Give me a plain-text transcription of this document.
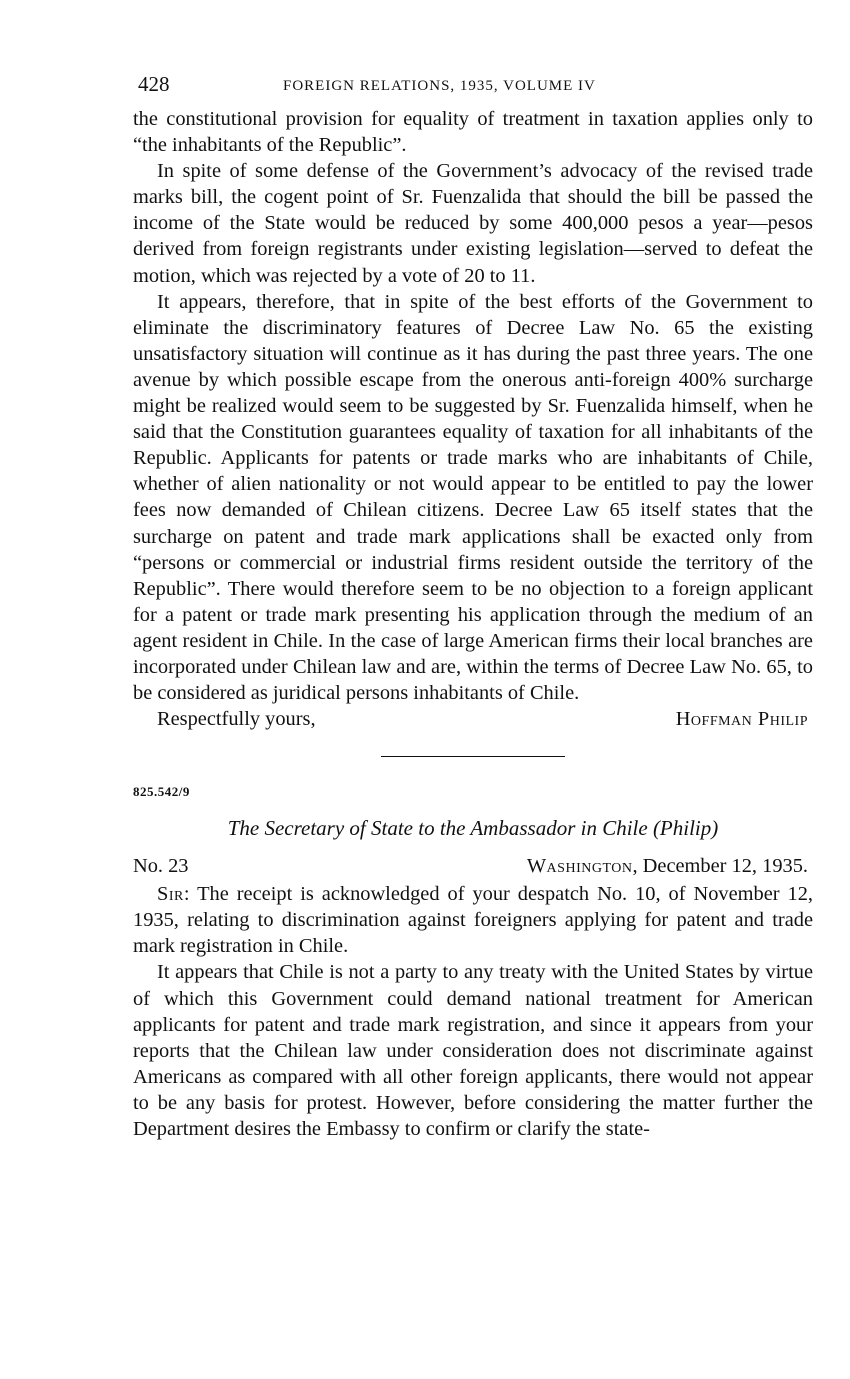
428	FOREIGN RELATIONS, 1935, VOLUME IV

the constitutional provision for equality of treatment in taxation applies only to “the inhabitants of the Republic”.

In spite of some defense of the Government’s advocacy of the revised trade marks bill, the cogent point of Sr. Fuenzalida that should the bill be passed the income of the State would be reduced by some 400,000 pesos a year—pesos derived from foreign registrants under existing legislation—served to defeat the motion, which was rejected by a vote of 20 to 11.

It appears, therefore, that in spite of the best efforts of the Government to eliminate the discriminatory features of Decree Law No. 65 the existing unsatisfactory situation will continue as it has during the past three years. The one avenue by which possible escape from the onerous anti-foreign 400% surcharge might be realized would seem to be suggested by Sr. Fuenzalida himself, when he said that the Constitution guarantees equality of taxation for all inhabitants of the Republic. Applicants for patents or trade marks who are inhabitants of Chile, whether of alien nationality or not would appear to be entitled to pay the lower fees now demanded of Chilean citizens. Decree Law 65 itself states that the surcharge on patent and trade mark applications shall be exacted only from “persons or commercial or industrial firms resident outside the territory of the Republic”. There would therefore seem to be no objection to a foreign applicant for a patent or trade mark presenting his application through the medium of an agent resident in Chile. In the case of large American firms their local branches are incorporated under Chilean law and are, within the terms of Decree Law No. 65, to be considered as juridical persons inhabitants of Chile.

Respectfully yours,	Hoffman Philip
825.542/9
The Secretary of State to the Ambassador in Chile (Philip)
No. 23	Washington, December 12, 1935.

Sir: The receipt is acknowledged of your despatch No. 10, of November 12, 1935, relating to discrimination against foreigners applying for patent and trade mark registration in Chile.

It appears that Chile is not a party to any treaty with the United States by virtue of which this Government could demand national treatment for American applicants for patent and trade mark registration, and since it appears from your reports that the Chilean law under consideration does not discriminate against Americans as compared with all other foreign applicants, there would not appear to be any basis for protest. However, before considering the matter further the Department desires the Embassy to confirm or clarify the state-
